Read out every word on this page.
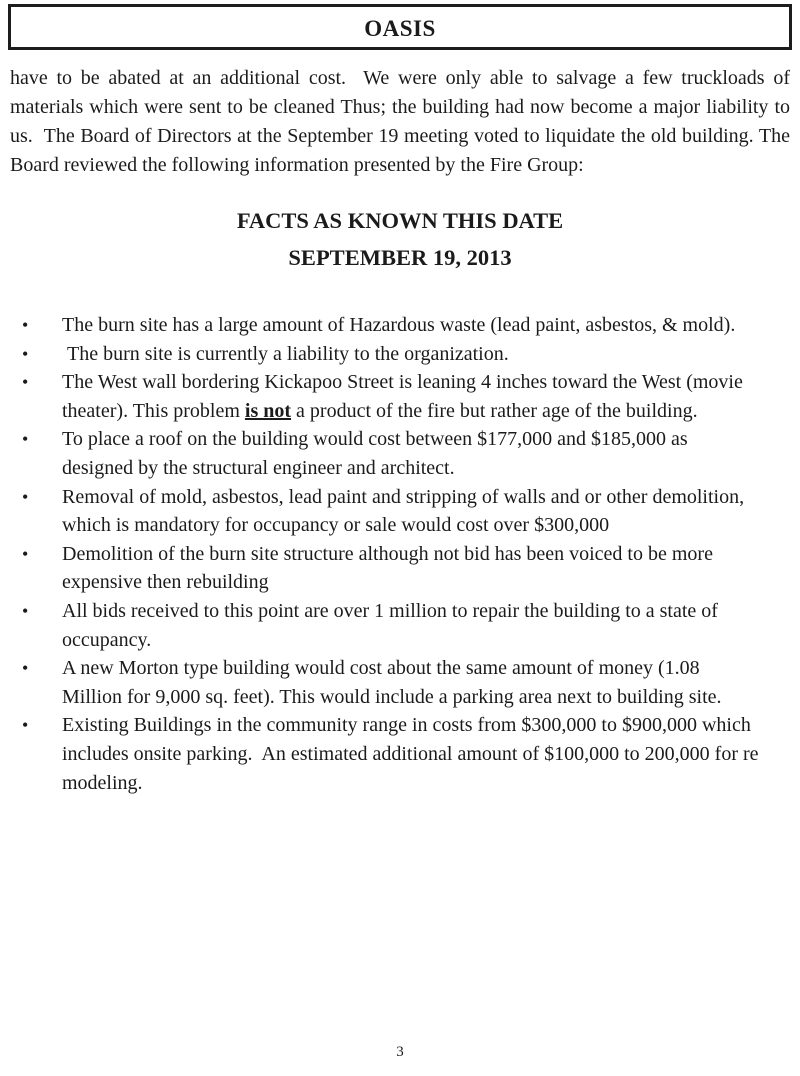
OASIS

have to be abated at an additional cost.  We were only able to salvage a few truckloads of materials which were sent to be cleaned Thus; the building had now become a major liability to us.  The Board of Directors at the September 19 meeting voted to liquidate the old building. The Board reviewed the following information presented by the Fire Group:

FACTS AS KNOWN THIS DATE
SEPTEMBER 19, 2013
• The burn site has a large amount of Hazardous waste (lead paint, asbestos, & mold).
• The burn site is currently a liability to the organization.
• The West wall bordering Kickapoo Street is leaning 4 inches toward the West (movie theater). This problem is not a product of the fire but rather age of the building.
• To place a roof on the building would cost between $177,000 and $185,000 as designed by the structural engineer and architect.
• Removal of mold, asbestos, lead paint and stripping of walls and or other demolition, which is mandatory for occupancy or sale would cost over $300,000
• Demolition of the burn site structure although not bid has been voiced to be more expensive then rebuilding
• All bids received to this point are over 1 million to repair the building to a state of occupancy.
• A new Morton type building would cost about the same amount of money (1.08 Million for 9,000 sq. feet). This would include a parking area next to building site.
• Existing Buildings in the community range in costs from $300,000 to $900,000 which includes onsite parking.  An estimated additional amount of $100,000 to 200,000 for re modeling.
3
